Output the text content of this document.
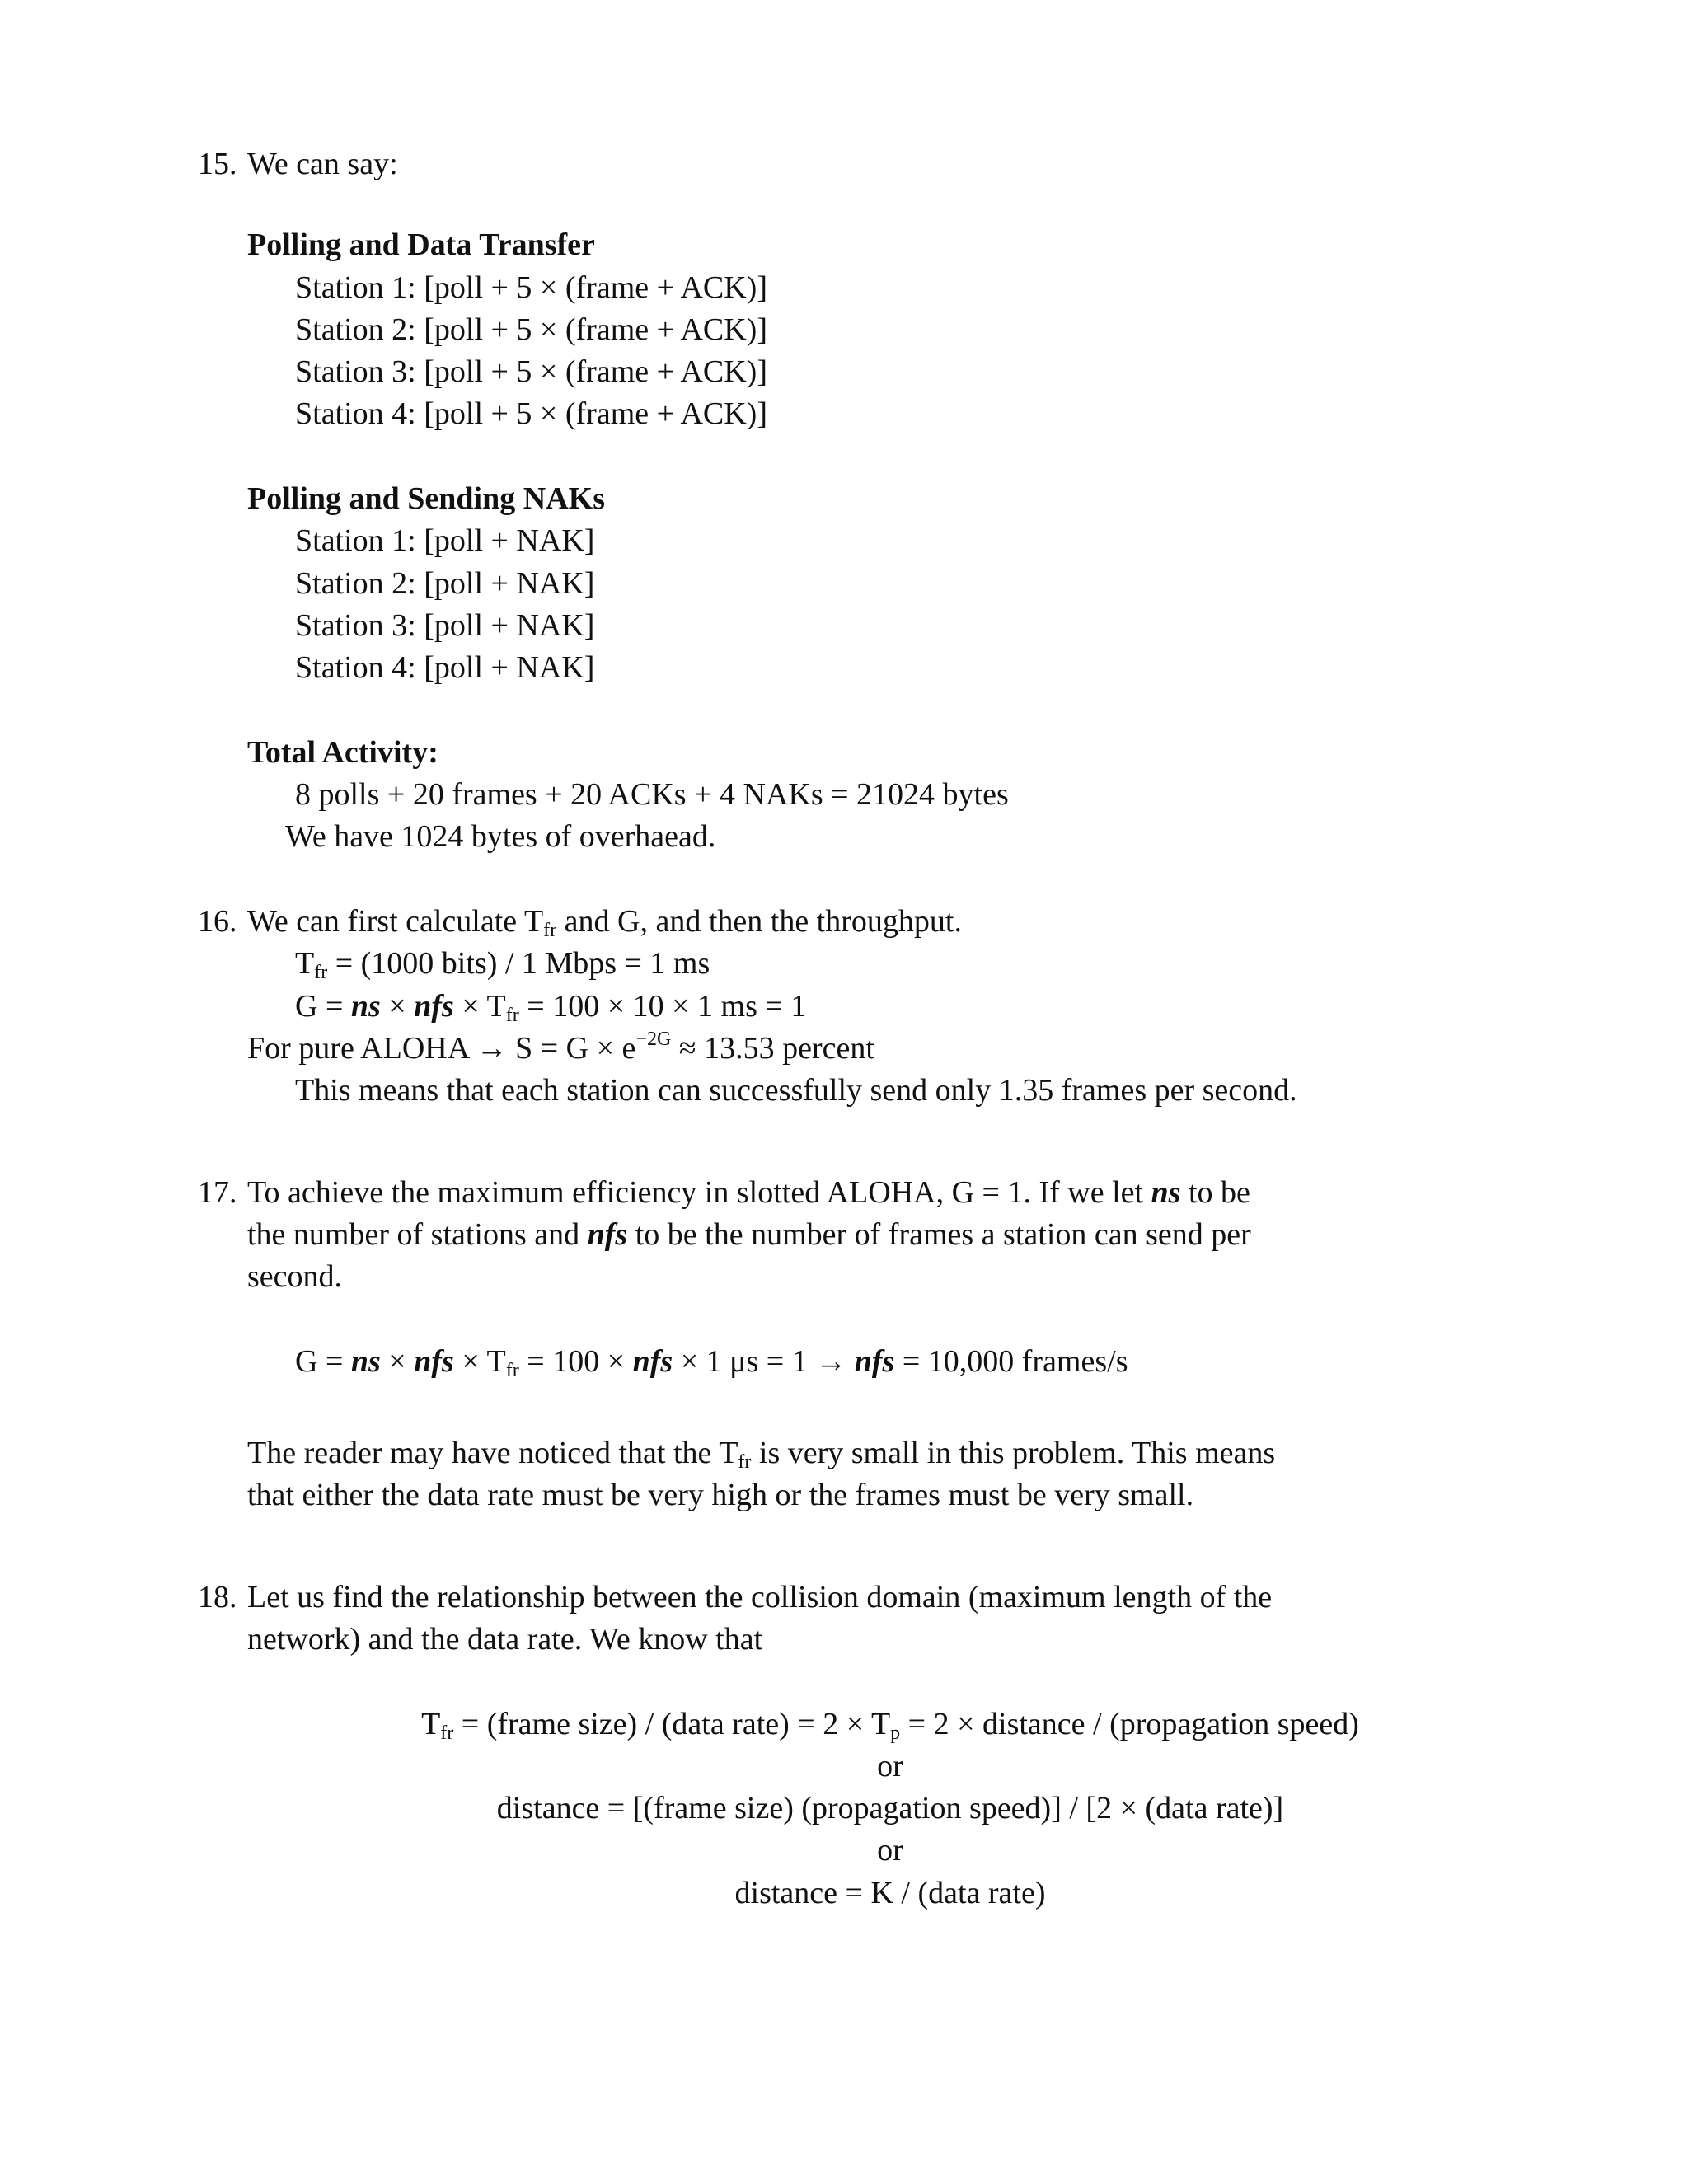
15. We can say:
Polling and Data Transfer
Station 1: [poll + 5 × (frame + ACK)]
Station 2: [poll + 5 × (frame + ACK)]
Station 3: [poll + 5 × (frame + ACK)]
Station 4: [poll + 5 × (frame + ACK)]
Polling and Sending NAKs
Station 1: [poll + NAK]
Station 2: [poll + NAK]
Station 3: [poll + NAK]
Station 4: [poll + NAK]
Total Activity:
8 polls + 20 frames + 20 ACKs + 4 NAKs = 21024 bytes
We have 1024 bytes of overhaead.
16. We can first calculate $T_{fr}$ and G, and then the throughput.
$T_{fr} = (1000$ bits) / 1 Mbps = 1 ms
G = ns × nfs × $T_{fr} = 100 \times 10 \times 1$ ms = 1
For pure ALOHA → $S = G \times e^{-2G} \approx 13.53$ percent
This means that each station can successfully send only 1.35 frames per second.
17. To achieve the maximum efficiency in slotted ALOHA, G = 1. If we let ns to be
the number of stations and nfs to be the number of frames a station can send per
second.
G = ns × nfs × $T_{fr} = 100$ × nfs × 1 μs = 1 → nfs = 10,000 frames/s
The reader may have noticed that the $T_{fr}$ is very small in this problem. This means
that either the data rate must be very high or the frames must be very small.
18. Let us find the relationship between the collision domain (maximum length of the
network) and the data rate. We know that
$T_{fr}$ = (frame size) / (data rate) = $2 \times T_p = 2$ × distance / (propagation speed)
or
distance = [(frame size) (propagation speed)] / [2 × (data rate)]
or
distance = K / (data rate)
